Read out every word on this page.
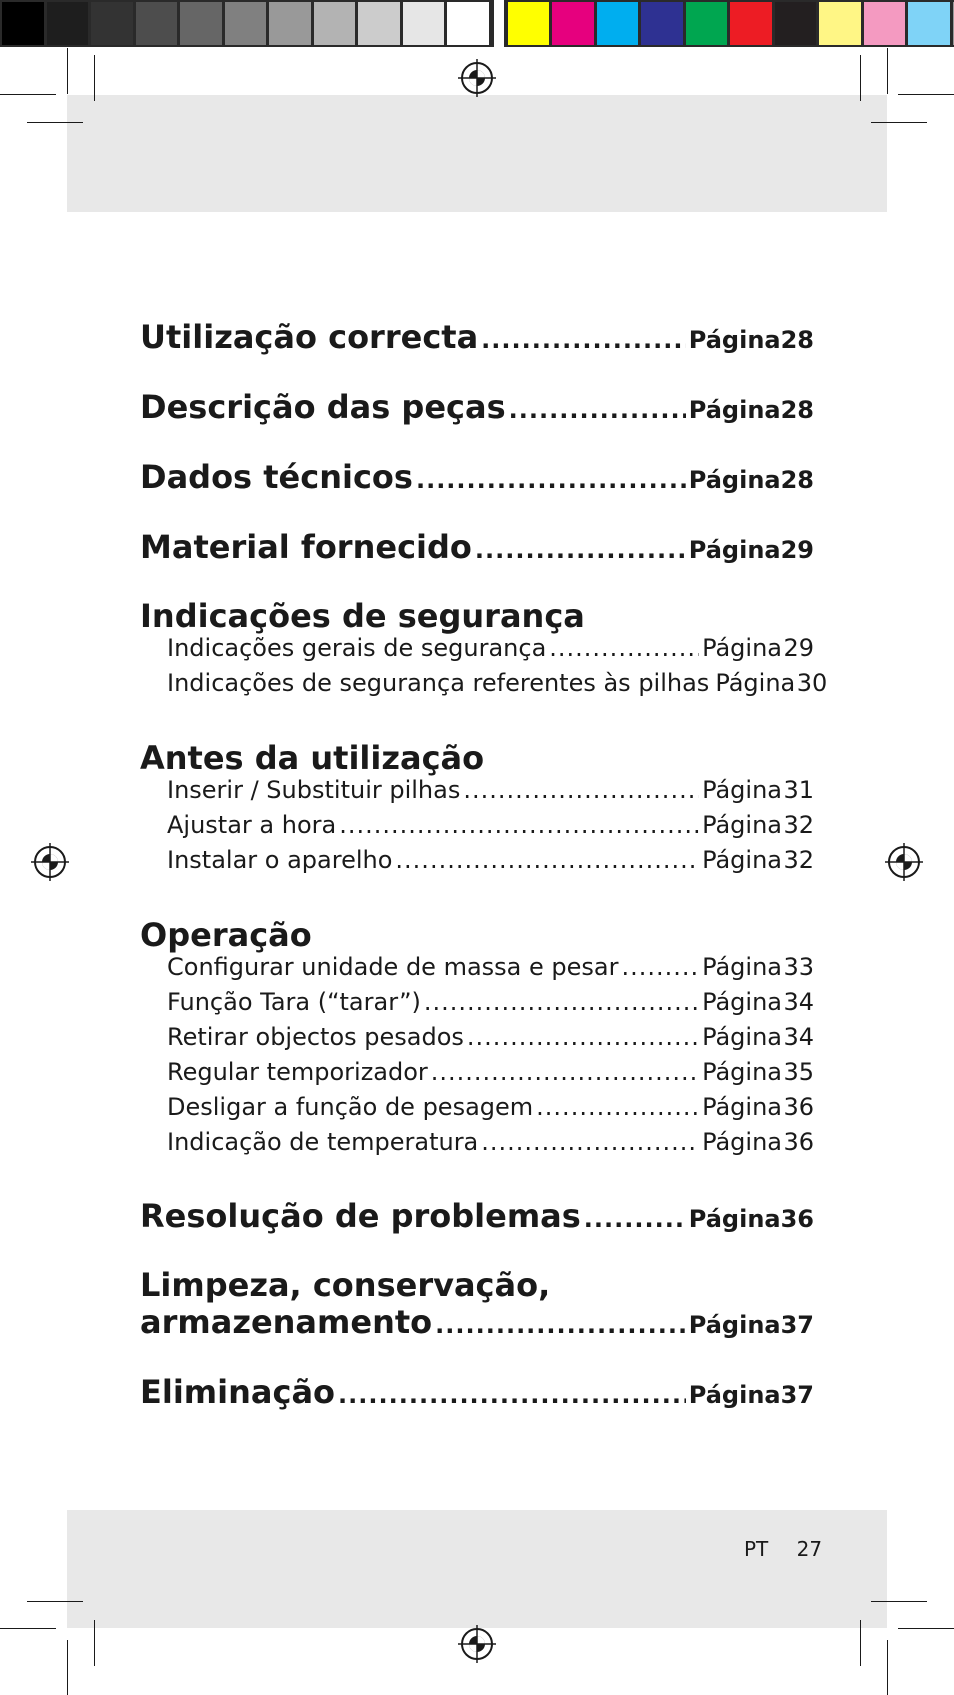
Utilização correcta .....	Página 28
Descrição das peças .....	Página 28
Dados técnicos .....	Página 28
Material fornecido .....	Página 29
Indicações de segurança
Indicações gerais de segurança .....	Página 29
Indicações de segurança referentes às pilhas Página 30
Antes da utilização
Inserir / Substituir pilhas .....	Página 31
Ajustar a hora .....	Página 32
Instalar o aparelho .....	Página 32
Operação
Configurar unidade de massa e pesar .....	Página 33
Função Tara (“tarar”) .....	Página 34
Retirar objectos pesados .....	Página 34
Regular temporizador .....	Página 35
Desligar a função de pesagem .....	Página 36
Indicação de temperatura .....	Página 36
Resolução de problemas .....	Página 36
Limpeza, conservação,
armazenamento .....	Página 37
Eliminação .....	Página 37
PT 27
